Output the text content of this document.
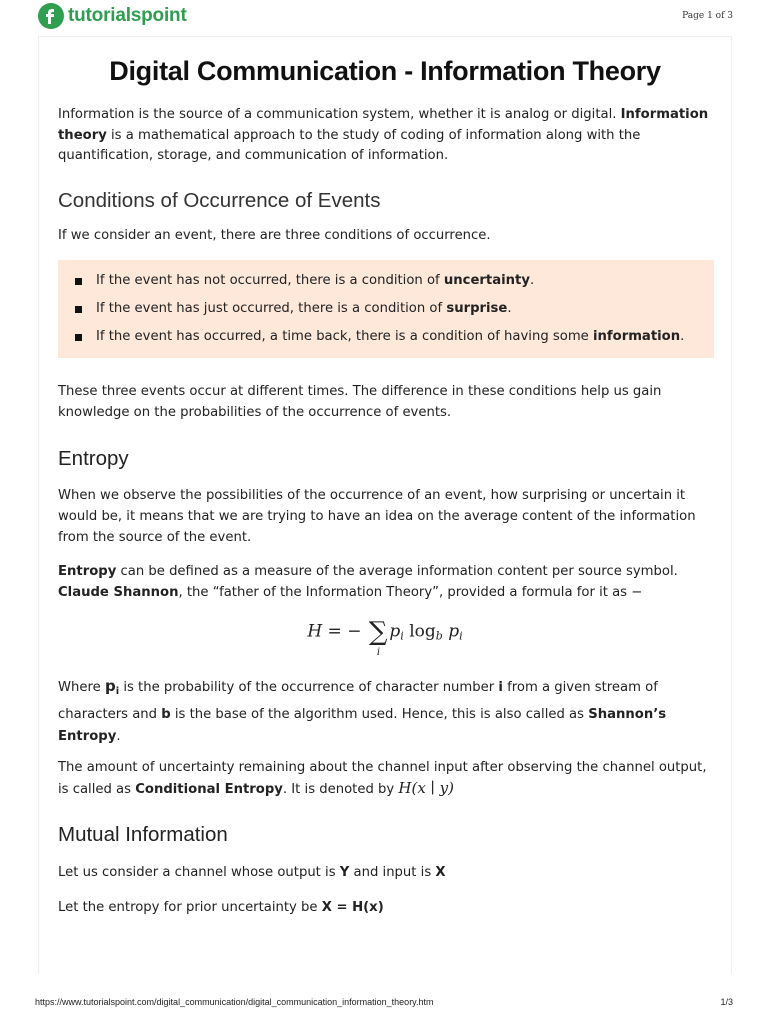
tutorialspoint	Page 1 of 3
Digital Communication - Information Theory

Information is the source of a communication system, whether it is analog or digital. Information theory is a mathematical approach to the study of coding of information along with the quantification, storage, and communication of information.

Conditions of Occurrence of Events

If we consider an event, there are three conditions of occurrence.

If the event has not occurred, there is a condition of uncertainty.
If the event has just occurred, there is a condition of surprise.
If the event has occurred, a time back, there is a condition of having some information.

These three events occur at different times. The difference in these conditions help us gain knowledge on the probabilities of the occurrence of events.

Entropy

When we observe the possibilities of the occurrence of an event, how surprising or uncertain it would be, it means that we are trying to have an idea on the average content of the information from the source of the event.

Entropy can be defined as a measure of the average information content per source symbol. Claude Shannon, the “father of the Information Theory”, provided a formula for it as −

H = − ∑
i
pi logb pi

Where $p_i$ is the probability of the occurrence of character number i from a given stream of characters and b is the base of the algorithm used. Hence, this is also called as Shannon’s Entropy.

The amount of uncertainty remaining about the channel input after observing the channel output, is called as Conditional Entropy. It is denoted by H(x ∣ y)

Mutual Information

Let us consider a channel whose output is Y and input is X

Let the entropy for prior uncertainty be X = H(x)

https://www.tutorialspoint.com/digital_communication/digital_communication_information_theory.htm	1/3
